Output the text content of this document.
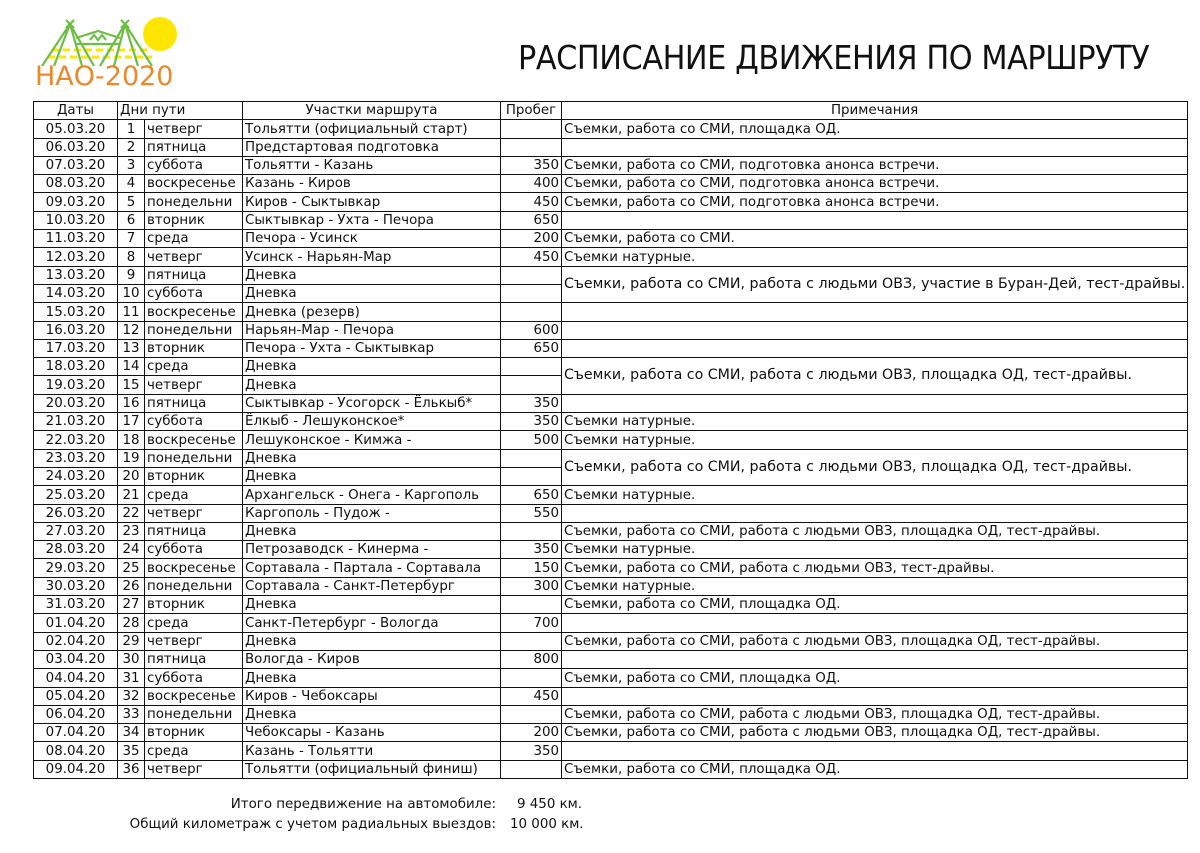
НАО-2020	РАСПИСАНИЕ ДВИЖЕНИЯ ПО МАРШРУТУ
Даты	Дни пути		Участки маршрута	Пробег	Примечания
05.03.20	1	четверг	Тольятти (официальный старт)		Съемки, работа со СМИ, площадка ОД.
06.03.20	2	пятница	Предстартовая подготовка		
07.03.20	3	суббота	Тольятти - Казань	350	Съемки, работа со СМИ, подготовка анонса встречи.
08.03.20	4	воскресенье	Казань - Киров	400	Съемки, работа со СМИ, подготовка анонса встречи.
09.03.20	5	понедельни	Киров - Сыктывкар	450	Съемки, работа со СМИ, подготовка анонса встречи.
10.03.20	6	вторник	Сыктывкар - Ухта - Печора	650	
11.03.20	7	среда	Печора - Усинск	200	Съемки, работа со СМИ.
12.03.20	8	четверг	Усинск - Нарьян-Мар	450	Съемки натурные.
13.03.20	9	пятница	Дневка		Съемки, работа со СМИ, работа с людьми ОВЗ, участие в Буран-Дей, тест-драйвы.
14.03.20	10	суббота	Дневка		
15.03.20	11	воскресенье	Дневка (резерв)		
16.03.20	12	понедельни	Нарьян-Мар - Печора	600	
17.03.20	13	вторник	Печора - Ухта - Сыктывкар	650	
18.03.20	14	среда	Дневка		Съемки, работа со СМИ, работа с людьми ОВЗ, площадка ОД, тест-драйвы.
19.03.20	15	четверг	Дневка		
20.03.20	16	пятница	Сыктывкар - Усогорск - Ёлькыб*	350	
21.03.20	17	суббота	Ёлкыб - Лешуконское*	350	Съемки натурные.
22.03.20	18	воскресенье	Лешуконское - Кимжа -	500	Съемки натурные.
23.03.20	19	понедельни	Дневка		Съемки, работа со СМИ, работа с людьми ОВЗ, площадка ОД, тест-драйвы.
24.03.20	20	вторник	Дневка		
25.03.20	21	среда	Архангельск - Онега - Каргополь	650	Съемки натурные.
26.03.20	22	четверг	Каргополь - Пудож -	550	
27.03.20	23	пятница	Дневка		Съемки, работа со СМИ, работа с людьми ОВЗ, площадка ОД, тест-драйвы.
28.03.20	24	суббота	Петрозаводск - Кинерма -	350	Съемки натурные.
29.03.20	25	воскресенье	Сортавала - Партала - Сортавала	150	Съемки, работа со СМИ, работа с людьми ОВЗ, тест-драйвы.
30.03.20	26	понедельни	Сортавала - Санкт-Петербург	300	Съемки натурные.
31.03.20	27	вторник	Дневка		Съемки, работа со СМИ, площадка ОД.
01.04.20	28	среда	Санкт-Петербург - Вологда	700	
02.04.20	29	четверг	Дневка		Съемки, работа со СМИ, работа с людьми ОВЗ, площадка ОД, тест-драйвы.
03.04.20	30	пятница	Вологда - Киров	800	
04.04.20	31	суббота	Дневка		Съемки, работа со СМИ, площадка ОД.
05.04.20	32	воскресенье	Киров - Чебоксары	450	
06.04.20	33	понедельни	Дневка		Съемки, работа со СМИ, работа с людьми ОВЗ, площадка ОД, тест-драйвы.
07.04.20	34	вторник	Чебоксары - Казань	200	Съемки, работа со СМИ, работа с людьми ОВЗ, площадка ОД, тест-драйвы.
08.04.20	35	среда	Казань - Тольятти	350	
09.04.20	36	четверг	Тольятти (официальный финиш)		Съемки, работа со СМИ, площадка ОД.
Итого передвижение на автомобиле: 9 450 км.
Общий километраж с учетом радиальных выездов: 10 000 км.
